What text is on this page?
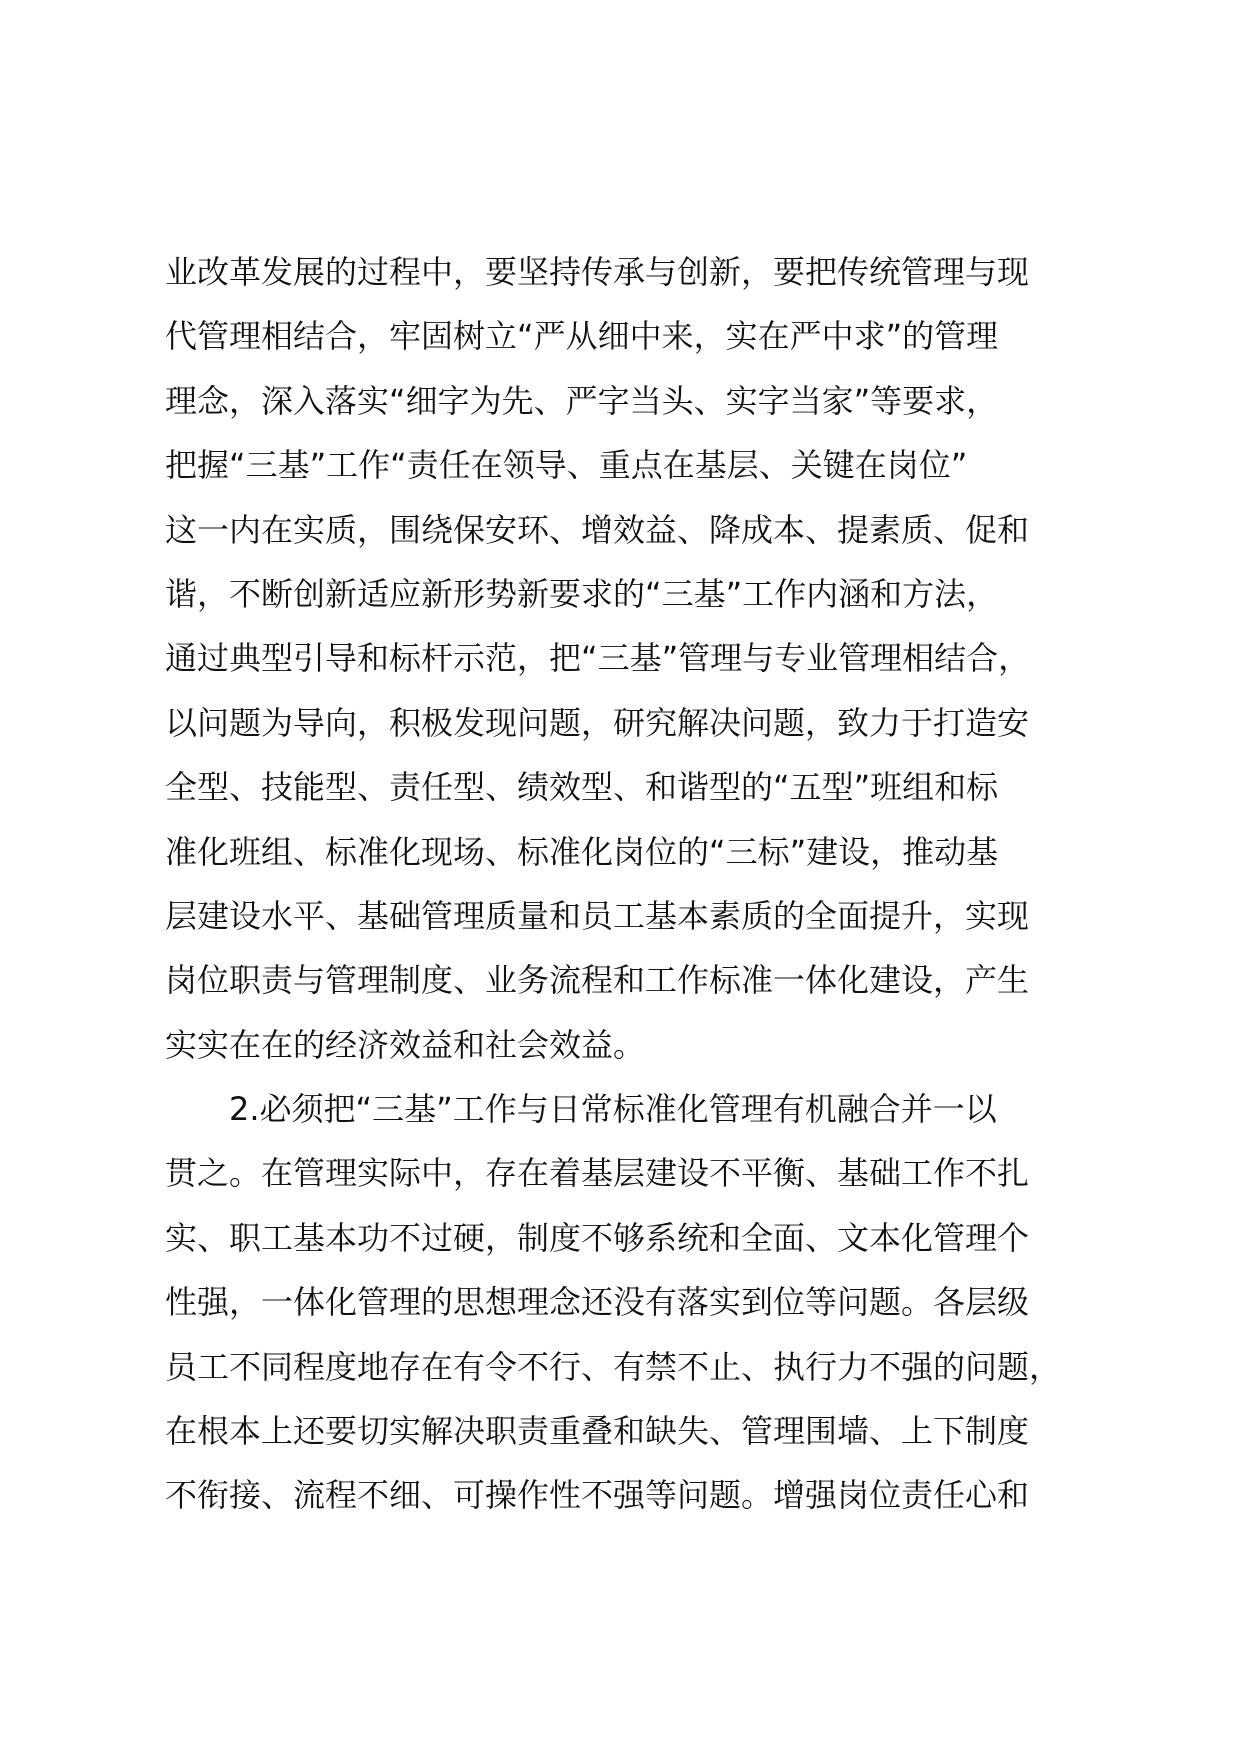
业改革发展的过程中，要坚持传承与创新，要把传统管理与现
代管理相结合，牢固树立“严从细中来，实在严中求”的管理
理念，深入落实“细字为先、严字当头、实字当家”等要求，
把握“三基”工作“责任在领导、重点在基层、关键在岗位”
这一内在实质，围绕保安环、增效益、降成本、提素质、促和
谐，不断创新适应新形势新要求的“三基”工作内涵和方法，
通过典型引导和标杆示范，把“三基”管理与专业管理相结合，
以问题为导向，积极发现问题，研究解决问题，致力于打造安
全型、技能型、责任型、绩效型、和谐型的“五型”班组和标
准化班组、标准化现场、标准化岗位的“三标”建设，推动基
层建设水平、基础管理质量和员工基本素质的全面提升，实现
岗位职责与管理制度、业务流程和工作标准一体化建设，产生
实实在在的经济效益和社会效益。
2.必须把“三基”工作与日常标准化管理有机融合并一以
贯之。在管理实际中，存在着基层建设不平衡、基础工作不扎
实、职工基本功不过硬，制度不够系统和全面、文本化管理个
性强，一体化管理的思想理念还没有落实到位等问题。各层级
员工不同程度地存在有令不行、有禁不止、执行力不强的问题，
在根本上还要切实解决职责重叠和缺失、管理围墙、上下制度
不衔接、流程不细、可操作性不强等问题。增强岗位责任心和
